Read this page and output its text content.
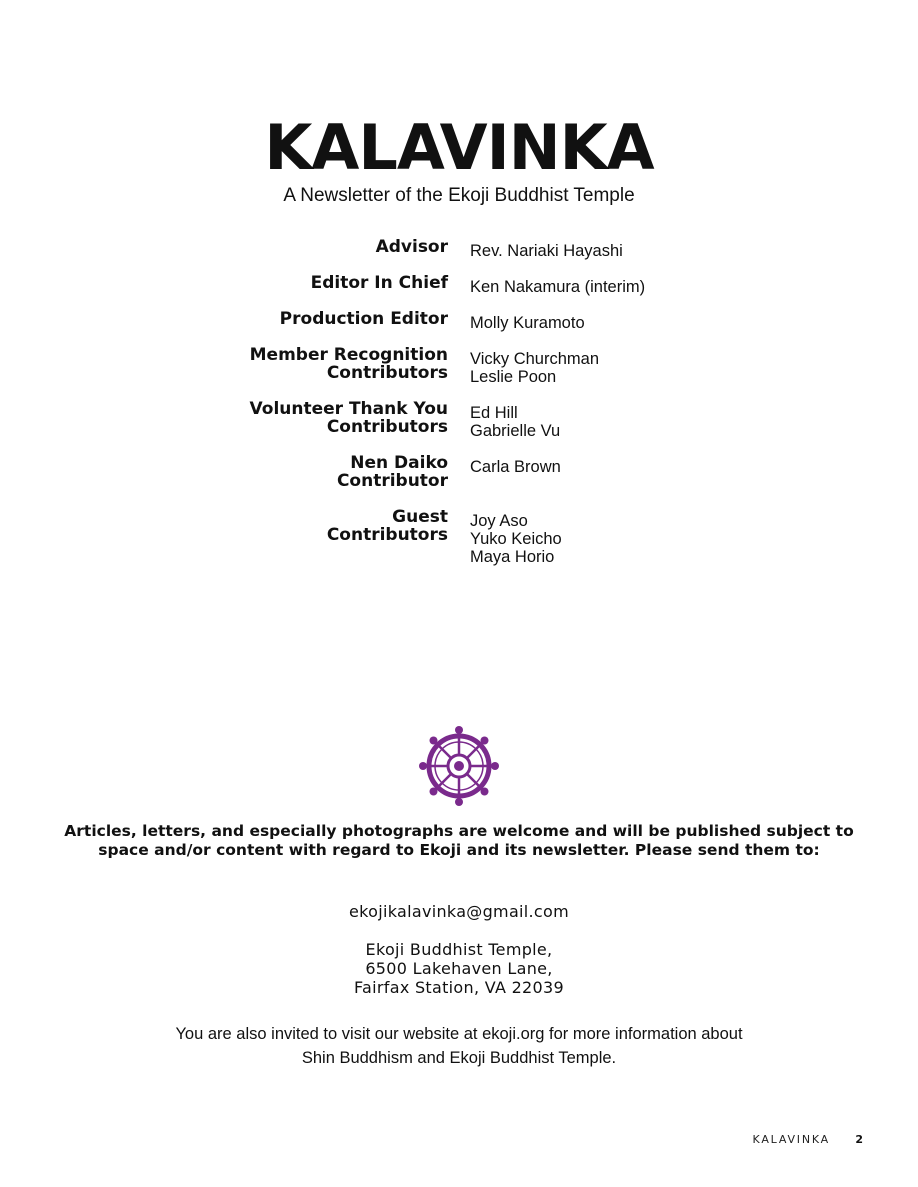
KALAVINKA
A Newsletter of the Ekoji Buddhist Temple
Advisor Rev. Nariaki Hayashi
Editor In Chief Ken Nakamura (interim)
Production Editor Molly Kuramoto
Member Recognition
Contributors
Vicky Churchman
Leslie Poon
Volunteer Thank You
Contributors
Ed Hill
Gabrielle Vu
Nen Daiko
Contributor
Carla Brown
Guest
Contributors
Joy Aso
Yuko Keicho
Maya Horio
Articles, letters, and especially photographs are welcome and will be published subject to
space and/or content with regard to Ekoji and its newsletter. Please send them to:
ekojikalavinka@gmail.com
Ekoji Buddhist Temple,
6500 Lakehaven Lane,
Fairfax Station, VA 22039
You are also invited to visit our website at ekoji.org for more information about
Shin Buddhism and Ekoji Buddhist Temple.
KALAVINKA 2
